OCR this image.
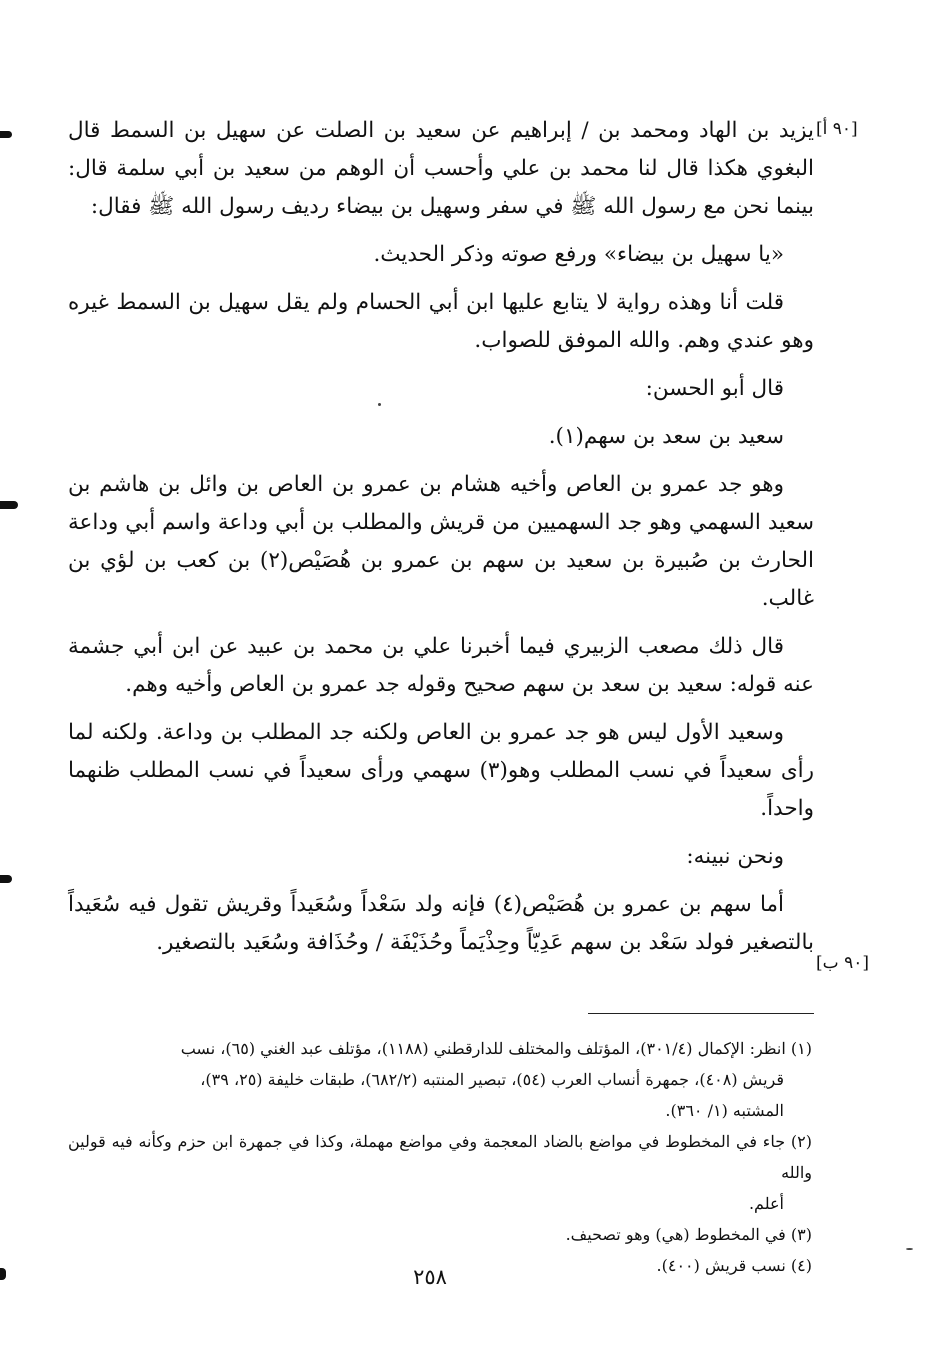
[٩٠ أ]
[٩٠ ب]

يزيد بن الهاد ومحمد بن / إبراهيم عن سعيد بن الصلت عن سهيل بن السمط قال البغوي هكذا قال لنا محمد بن علي وأحسب أن الوهم من سعيد بن أبي سلمة قال: بينما نحن مع رسول الله ﷺ في سفر وسهيل بن بيضاء رديف رسول الله ﷺ فقال:

«يا سهيل بن بيضاء» ورفع صوته وذكر الحديث.

قلت أنا وهذه رواية لا يتابع عليها ابن أبي الحسام ولم يقل سهيل بن السمط غيره وهو عندي وهم. والله الموفق للصواب.

قال أبو الحسن:

سعيد بن سعد بن سهم(١).

وهو جد عمرو بن العاص وأخيه هشام بن عمرو بن العاص بن وائل بن هاشم بن سعيد السهمي وهو جد السهميين من قريش والمطلب بن أبي وداعة واسم أبي وداعة الحارث بن صُبيرة بن سعيد بن سهم بن عمرو بن هُصَيْص(٢) بن كعب بن لؤي بن غالب.

قال ذلك مصعب الزبيري فيما أخبرنا علي بن محمد بن عبيد عن ابن أبي جشمة عنه قوله: سعيد بن سعد بن سهم صحيح وقوله جد عمرو بن العاص وأخيه وهم.

وسعيد الأول ليس هو جد عمرو بن العاص ولكنه جد المطلب بن وداعة. ولكنه لما رأى سعيداً في نسب المطلب وهو(٣) سهمي ورأى سعيداً في نسب المطلب ظنهما واحداً.

ونحن نبينه:

أما سهم بن عمرو بن هُصَيْص(٤) فإنه ولد سَعْداً وسُعَيداً وقريش تقول فيه سُعَيداً بالتصغير فولد سَعْد بن سهم عَدِيّاً وحِذْيَماً وحُذَيْفَة / وحُذَافة وسُعَيد بالتصغير.

(١) انظر: الإكمال (٣٠١/٤)، المؤتلف والمختلف للدارقطني (١١٨٨)، مؤتلف عبد الغني (٦٥)، نسب

قريش (٤٠٨)، جمهرة أنساب العرب (٥٤)، تبصير المنتبه (٦٨٢/٢)، طبقات خليفة (٢٥، ٣٩)،

المشتبه (١/ ٣٦٠).

(٢) جاء في المخطوط في مواضع بالضاد المعجمة وفي مواضع مهملة، وكذا في جمهرة ابن حزم وكأنه فيه قولين والله

أعلم.

(٣) في المخطوط (هي) وهو تصحيف.

(٤) نسب قريش (٤٠٠).

٢٥٨
